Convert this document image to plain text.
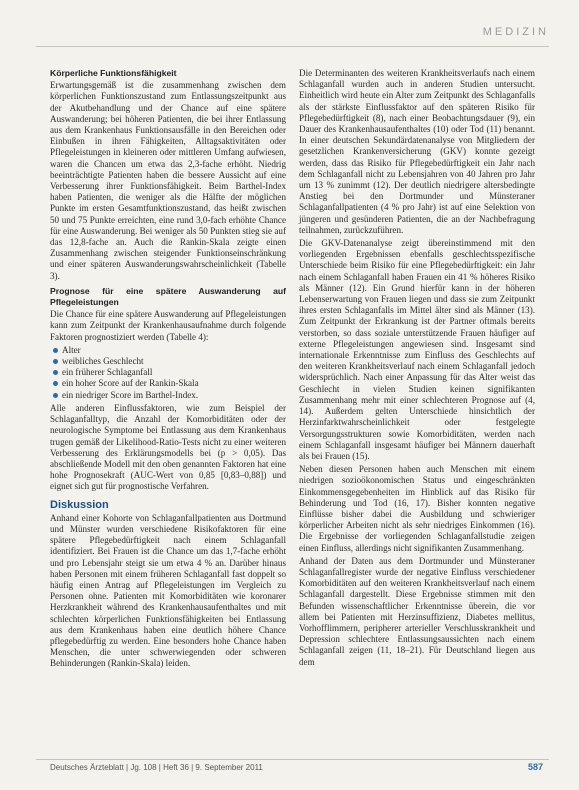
MEDIZIN
Körperliche Funktionsfähigkeit

Erwartungsgemäß ist die zusammenhang zwischen dem körperlichen Funktionszustand zum Entlassungszeitpunkt aus der Akutbehandlung und der Chance auf eine spätere Auswanderung; bei höheren Patienten, die bei ihrer Entlassung aus dem Krankenhaus Funktionsausfälle in den Bereichen oder Einbußen in ihren Fähigkeiten, Alltagsaktivitäten oder Pflegeleistungen in kleineren oder mittleren Umfang aufwiesen, waren die Chancen um etwa das 2,3-fache erhöht. Niedrig beeinträchtigte Patienten haben die bessere Aussicht auf eine Verbesserung ihrer Funktionsfähigkeit. Beim Barthel-Index haben Patienten, die weniger als die Hälfte der möglichen Punkte im ersten Gesamtfunktionszustand, das heißt zwischen 50 und 75 Punkte erreichten, eine rund 3,0-fach erhöhte Chance für eine Auswanderung. Bei weniger als 50 Punkten stieg sie auf das 12,8-fache an. Auch die Rankin-Skala zeigte einen Zusammenhang zwischen steigender Funktionseinschränkung und einer späteren Auswanderungswahrscheinlichkeit (Tabelle 3).

Prognose für eine spätere Auswanderung auf Pflegeleistungen

Die Chance für eine spätere Auswanderung auf Pflegeleistungen kann zum Zeitpunkt der Krankenhausaufnahme durch folgende Faktoren prognostiziert werden (Tabelle 4):

Alter
weibliches Geschlecht
ein früherer Schlaganfall
ein hoher Score auf der Rankin-Skala
ein niedriger Score im Barthel-Index.

Alle anderen Einflussfaktoren, wie zum Beispiel der Schlaganfalltyp, die Anzahl der Komorbiditäten oder der neurologische Symptome bei Entlassung aus dem Krankenhaus trugen gemäß der Likelihood-Ratio-Tests nicht zu einer weiteren Verbesserung des Erklärungsmodells bei (p > 0,05). Das abschließende Modell mit den oben genannten Faktoren hat eine hohe Prognosekraft (AUC-Wert von 0,85 [0,83–0,88]) und eignet sich gut für prognostische Verfahren.

Diskussion

Anhand einer Kohorte von Schlaganfallpatienten aus Dortmund und Münster wurden verschiedene Risikofaktoren für eine spätere Pflegebedürftigkeit nach einem Schlaganfall identifiziert. Bei Frauen ist die Chance um das 1,7-fache erhöht und pro Lebensjahr steigt sie um etwa 4 % an. Darüber hinaus haben Personen mit einem früheren Schlaganfall fast doppelt so häufig einen Antrag auf Pflegeleistungen im Vergleich zu Personen ohne. Patienten mit Komorbiditäten wie koronarer Herzkrankheit während des Krankenhausaufenthaltes und mit schlechten körperlichen Funktionsfähigkeiten bei Entlassung aus dem Krankenhaus haben eine deutlich höhere Chance pflegebedürftig zu werden. Eine besonders hohe Chance haben Menschen, die unter schwerwiegenden oder schweren Behinderungen (Rankin-Skala) leiden.

Die Determinanten des weiteren Krankheitsverlaufs nach einem Schlaganfall wurden auch in anderen Studien untersucht. Einheitlich wird heute ein Alter zum Zeitpunkt des Schlaganfalls als der stärkste Einflussfaktor auf den späteren Risiko für Pflegebedürftigkeit (8), nach einer Beobachtungsdauer (9), ein Dauer des Krankenhausaufenthaltes (10) oder Tod (11) benannt. In einer deutschen Sekundärdatenanalyse von Mitgliedern der gesetzlichen Krankenversicherung (GKV) konnte gezeigt werden, dass das Risiko für Pflegebedürftigkeit ein Jahr nach dem Schlaganfall nicht zu Lebensjahren von 40 Jahren pro Jahr um 13 % zunimmt (12). Der deutlich niedrigere altersbedingte Anstieg bei den Dortmunder und Münsteraner Schlaganfallpatienten (4 % pro Jahr) ist auf eine Selektion von jüngeren und gesünderen Patienten, die an der Nachbefragung teilnahmen, zurückzuführen.

Die GKV-Datenanalyse zeigt übereinstimmend mit den vorliegenden Ergebnissen ebenfalls geschlechtsspezifische Unterschiede beim Risiko für eine Pflegebedürftigkeit: ein Jahr nach einem Schlaganfall haben Frauen ein 41 % höheres Risiko als Männer (12). Ein Grund hierfür kann in der höheren Lebenserwartung von Frauen liegen und dass sie zum Zeitpunkt ihres ersten Schlaganfalls im Mittel älter sind als Männer (13). Zum Zeitpunkt der Erkrankung ist der Partner oftmals bereits verstorben, so dass soziale unterstützende Frauen häufiger auf externe Pflegeleistungen angewiesen sind. Insgesamt sind internationale Erkenntnisse zum Einfluss des Geschlechts auf den weiteren Krankheitsverlauf nach einem Schlaganfall jedoch widersprüchlich. Nach einer Anpassung für das Alter weist das Geschlecht in vielen Studien keinen signifikanten Zusammenhang mehr mit einer schlechteren Prognose auf (4, 14). Außerdem gelten Unterschiede hinsichtlich der Herzinfarktwahrscheinlichkeit oder festgelegte Versorgungsstrukturen sowie Komorbiditäten, werden nach einem Schlaganfall insgesamt häufiger bei Männern dauerhaft als bei Frauen (15).

Neben diesen Personen haben auch Menschen mit einem niedrigen sozioökonomischen Status und eingeschränkten Einkommensgegebenheiten im Hinblick auf das Risiko für Behinderung und Tod (16, 17). Bisher konnten negative Einflüsse bisher dabei die Ausbildung und schwieriger körperlicher Arbeiten nicht als sehr niedriges Einkommen (16). Die Ergebnisse der vorliegenden Schlaganfallstudie zeigen einen Einfluss, allerdings nicht signifikanten Zusammenhang.

Anhand der Daten aus dem Dortmunder und Münsteraner Schlaganfallregister wurde der negative Einfluss verschiedener Komorbiditäten auf den weiteren Krankheitsverlauf nach einem Schlaganfall dargestellt. Diese Ergebnisse stimmen mit den Befunden wissenschaftlicher Erkenntnisse überein, die vor allem bei Patienten mit Herzinsuffizienz, Diabetes mellitus, Vorhofflimmern, peripherer arterieller Verschlusskrankheit und Depression schlechtere Entlassungsaussichten nach einem Schlaganfall zeigen (11, 18–21). Für Deutschland liegen aus dem

Deutsches Ärzteblatt | Jg. 108 | Heft 36 | 9. September 2011	587
